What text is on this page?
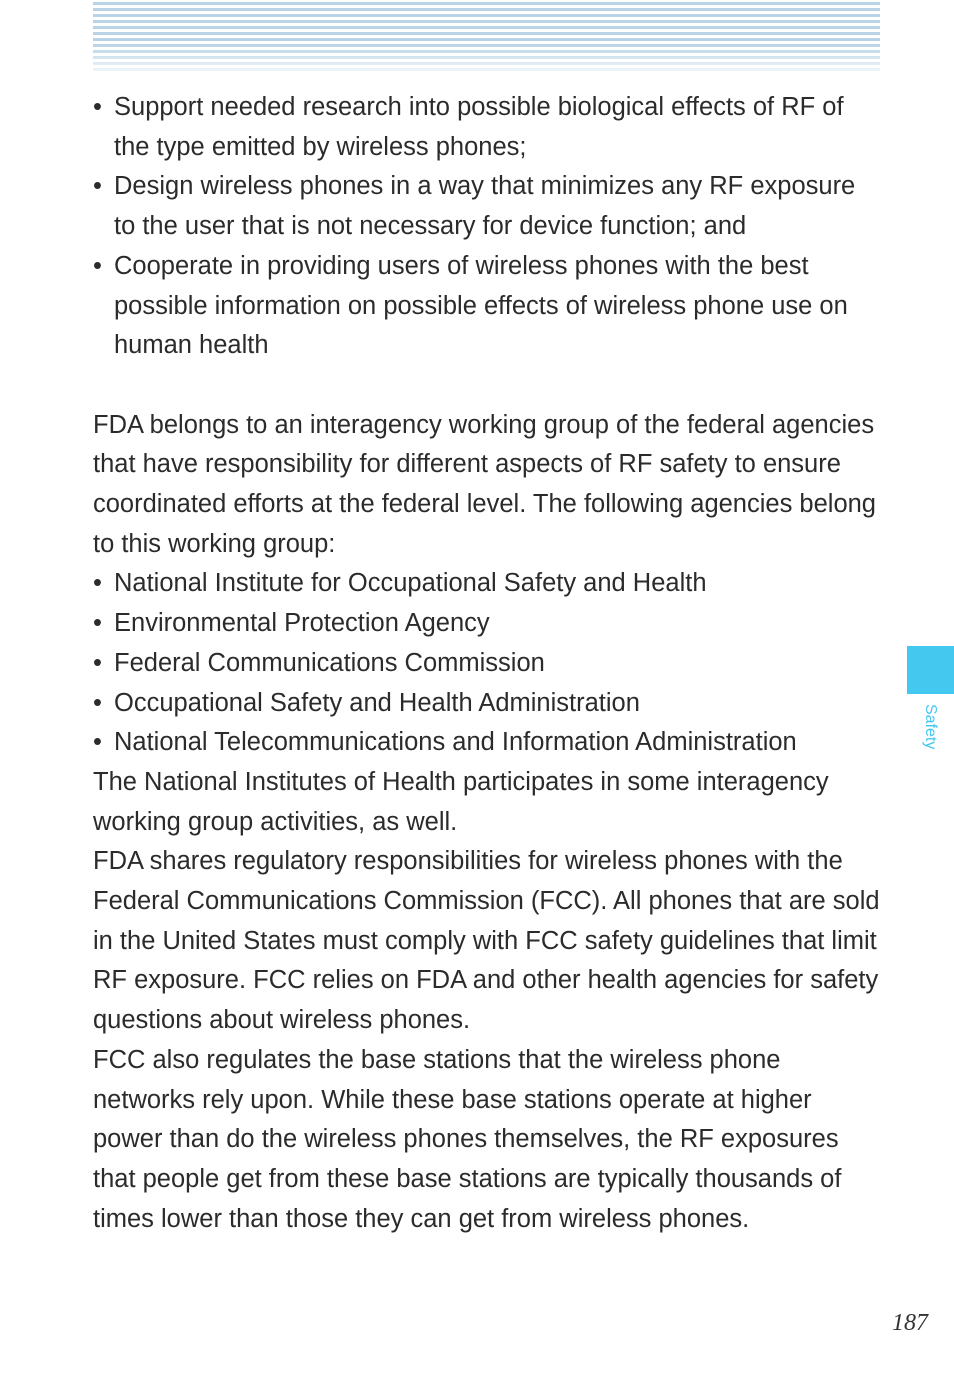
• Support needed research into possible biological effects of RF of the type emitted by wireless phones;
• Design wireless phones in a way that minimizes any RF exposure to the user that is not necessary for device function; and
• Cooperate in providing users of wireless phones with the best possible information on possible effects of wireless phone use on human health
FDA belongs to an interagency working group of the federal agencies that have responsibility for different aspects of RF safety to ensure coordinated efforts at the federal level. The following agencies belong to this working group:
• National Institute for Occupational Safety and Health
• Environmental Protection Agency
• Federal Communications Commission
• Occupational Safety and Health Administration
• National Telecommunications and Information Administration
The National Institutes of Health participates in some interagency working group activities, as well.
FDA shares regulatory responsibilities for wireless phones with the Federal Communications Commission (FCC). All phones that are sold in the United States must comply with FCC safety guidelines that limit RF exposure. FCC relies on FDA and other health agencies for safety questions about wireless phones.
FCC also regulates the base stations that the wireless phone networks rely upon. While these base stations operate at higher power than do the wireless phones themselves, the RF exposures that people get from these base stations are typically thousands of times lower than those they can get from wireless phones.
Safety
187
